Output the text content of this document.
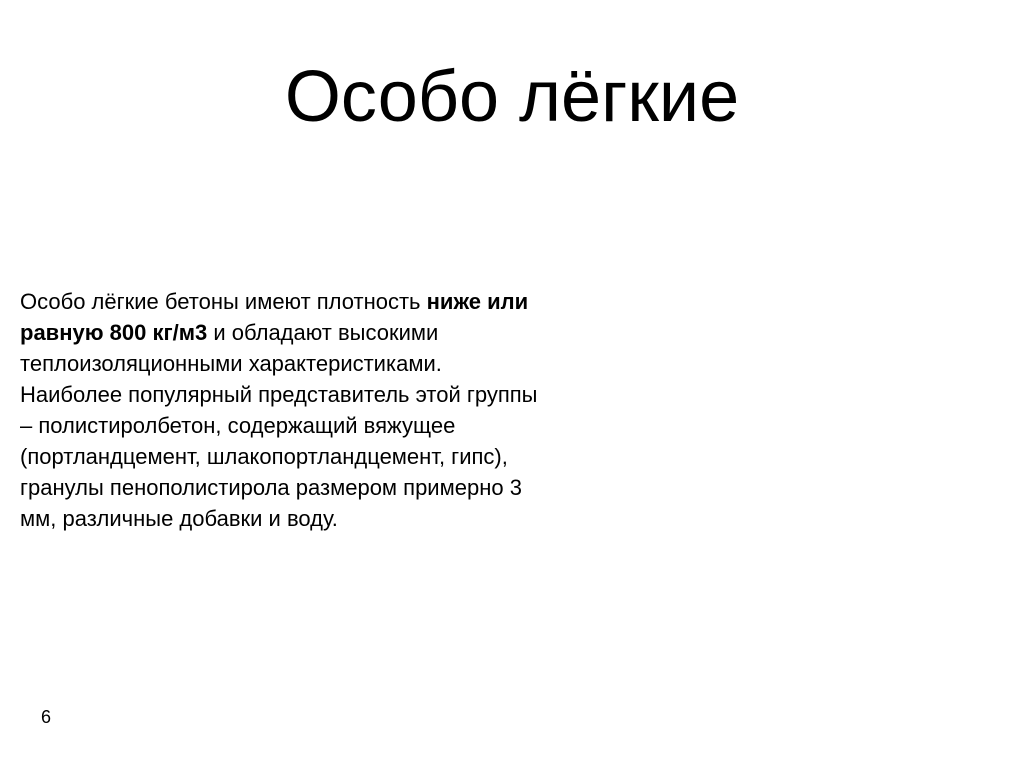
Особо лёгкие

Особо лёгкие бетоны имеют плотность ниже или равную 800 кг/м3 и обладают высокими теплоизоляционными характеристиками. Наиболее популярный представитель этой группы – полистиролбетон, содержащий вяжущее (портландцемент, шлакопортландцемент, гипс), гранулы пенополистирола размером примерно 3 мм, различные добавки и воду.

6
